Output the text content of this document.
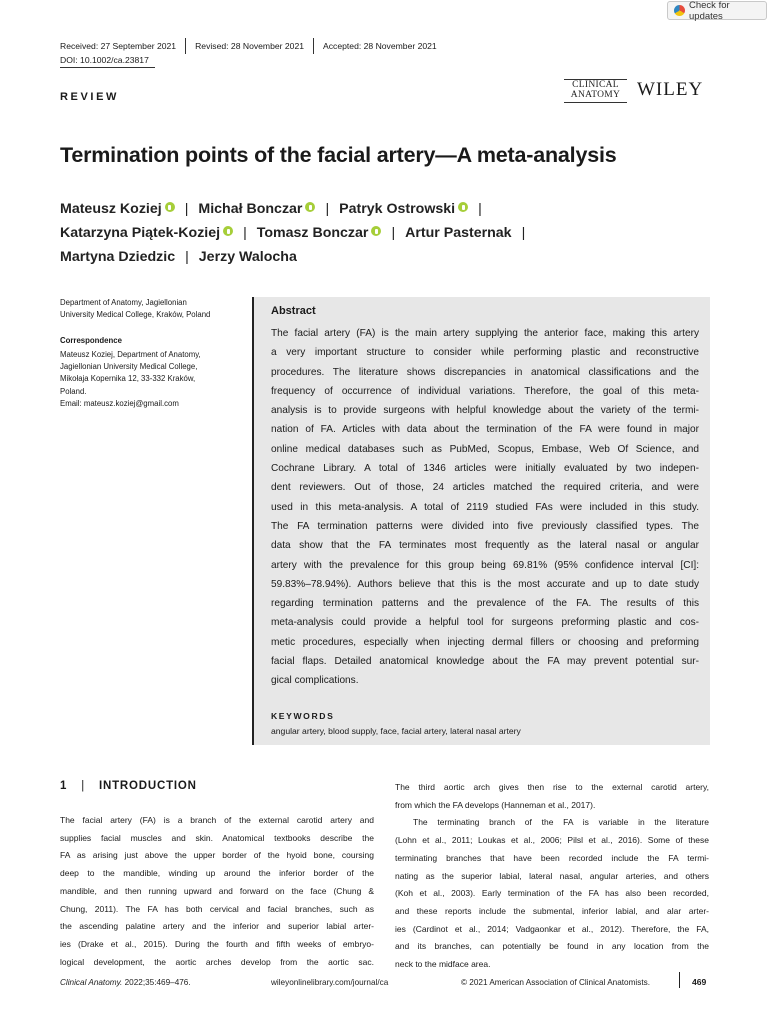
Check for updates
Received: 27 September 2021	Revised: 28 November 2021	Accepted: 28 November 2021
DOI: 10.1002/ca.23817
REVIEW
CLINICAL
ANATOMY WILEY
Termination points of the facial artery—A meta-analysis
Mateusz Koziej | Michał Bonczar | Patryk Ostrowski |
Katarzyna Piątek-Koziej | Tomasz Bonczar | Artur Pasternak |
Martyna Dziedzic | Jerzy Walocha
Department of Anatomy, Jagiellonian
University Medical College, Kraków, Poland
Correspondence
Mateusz Koziej, Department of Anatomy,
Jagiellonian University Medical College,
Mikołaja Kopernika 12, 33-332 Kraków,
Poland.
Email: mateusz.koziej@gmail.com
Abstract
The facial artery (FA) is the main artery supplying the anterior face, making this artery
a very important structure to consider while performing plastic and reconstructive
procedures. The literature shows discrepancies in anatomical classifications and the
frequency of occurrence of individual variations. Therefore, the goal of this meta-
analysis is to provide surgeons with helpful knowledge about the variety of the termi-
nation of FA. Articles with data about the termination of the FA were found in major
online medical databases such as PubMed, Scopus, Embase, Web Of Science, and
Cochrane Library. A total of 1346 articles were initially evaluated by two indepen-
dent reviewers. Out of those, 24 articles matched the required criteria, and were
used in this meta-analysis. A total of 2119 studied FAs were included in this study.
The FA termination patterns were divided into five previously classified types. The
data show that the FA terminates most frequently as the lateral nasal or angular
artery with the prevalence for this group being 69.81% (95% confidence interval [CI]:
59.83%–78.94%). Authors believe that this is the most accurate and up to date study
regarding termination patterns and the prevalence of the FA. The results of this
meta-analysis could provide a helpful tool for surgeons preforming plastic and cos-
metic procedures, especially when injecting dermal fillers or choosing and preforming
facial flaps. Detailed anatomical knowledge about the FA may prevent potential sur-
gical complications.
KEYWORDS
angular artery, blood supply, face, facial artery, lateral nasal artery
1 | INTRODUCTION
The facial artery (FA) is a branch of the external carotid artery and
supplies facial muscles and skin. Anatomical textbooks describe the
FA as arising just above the upper border of the hyoid bone, coursing
deep to the mandible, winding up around the inferior border of the
mandible, and then running upward and forward on the face (Chung &
Chung, 2011). The FA has both cervical and facial branches, such as
the ascending palatine artery and the inferior and superior labial arter-
ies (Drake et al., 2015). During the fourth and fifth weeks of embryo-
logical development, the aortic arches develop from the aortic sac.
The third aortic arch gives then rise to the external carotid artery,
from which the FA develops (Hanneman et al., 2017).
The terminating branch of the FA is variable in the literature
(Lohn et al., 2011; Loukas et al., 2006; Pilsl et al., 2016). Some of these
terminating branches that have been recorded include the FA termi-
nating as the superior labial, lateral nasal, angular arteries, and others
(Koh et al., 2003). Early termination of the FA has also been recorded,
and these reports include the submental, inferior labial, and alar arter-
ies (Cardinot et al., 2014; Vadgaonkar et al., 2012). Therefore, the FA,
and its branches, can potentially be found in any location from the
neck to the midface area.
Clinical Anatomy. 2022;35:469–476.	wileyonlinelibrary.com/journal/ca	© 2021 American Association of Clinical Anatomists.	469
